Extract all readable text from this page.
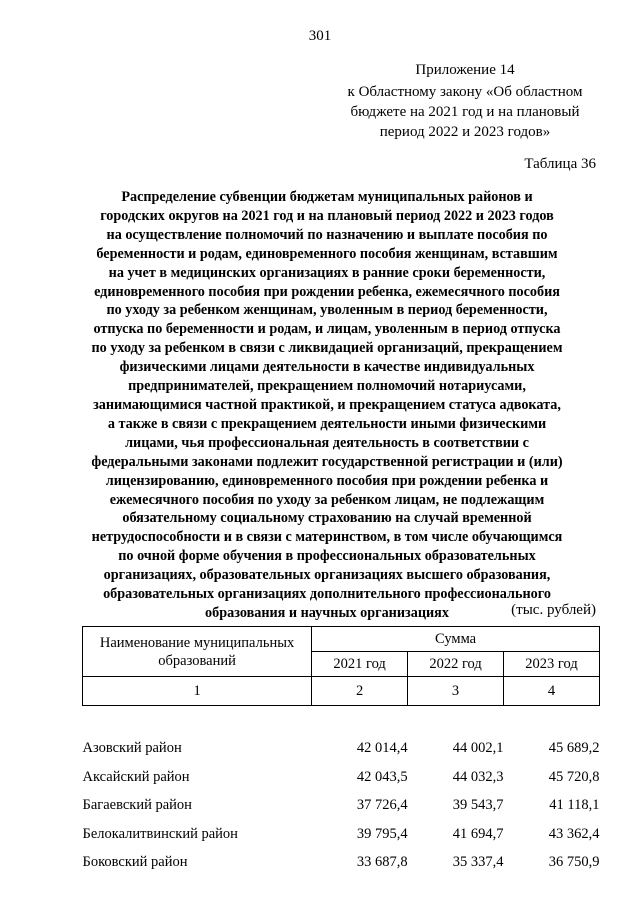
301
Приложение 14
к Областному закону «Об областном
бюджете на 2021 год и на плановый
период 2022 и 2023 годов»
Таблица 36
Распределение субвенции бюджетам муниципальных районов и
городских округов на 2021 год и на плановый период 2022 и 2023 годов
на осуществление полномочий по назначению и выплате пособия по
беременности и родам, единовременного пособия женщинам, вставшим
на учет в медицинских организациях в ранние сроки беременности,
единовременного пособия при рождении ребенка, ежемесячного пособия
по уходу за ребенком женщинам, уволенным в период беременности,
отпуска по беременности и родам, и лицам, уволенным в период отпуска
по уходу за ребенком в связи с ликвидацией организаций, прекращением
физическими лицами деятельности в качестве индивидуальных
предпринимателей, прекращением полномочий нотариусами,
занимающимися частной практикой, и прекращением статуса адвоката,
а также в связи с прекращением деятельности иными физическими
лицами, чья профессиональная деятельность в соответствии с
федеральными законами подлежит государственной регистрации и (или)
лицензированию, единовременного пособия при рождении ребенка и
ежемесячного пособия по уходу за ребенком лицам, не подлежащим
обязательному социальному страхованию на случай временной
нетрудоспособности и в связи с материнством, в том числе обучающимся
по очной форме обучения в профессиональных образовательных
организациях, образовательных организациях высшего образования,
образовательных организациях дополнительного профессионального
образования и научных организациях	(тыс. рублей)
Наименование муниципальных образований	Сумма		
	2021 год	2022 год	2023 год
1	2	3	4

Азовский район	42 014,4	44 002,1	45 689,2
Аксайский район	42 043,5	44 032,3	45 720,8
Багаевский район	37 726,4	39 543,7	41 118,1
Белокалитвинский район	39 795,4	41 694,7	43 362,4
Боковский район	33 687,8	35 337,4	36 750,9
